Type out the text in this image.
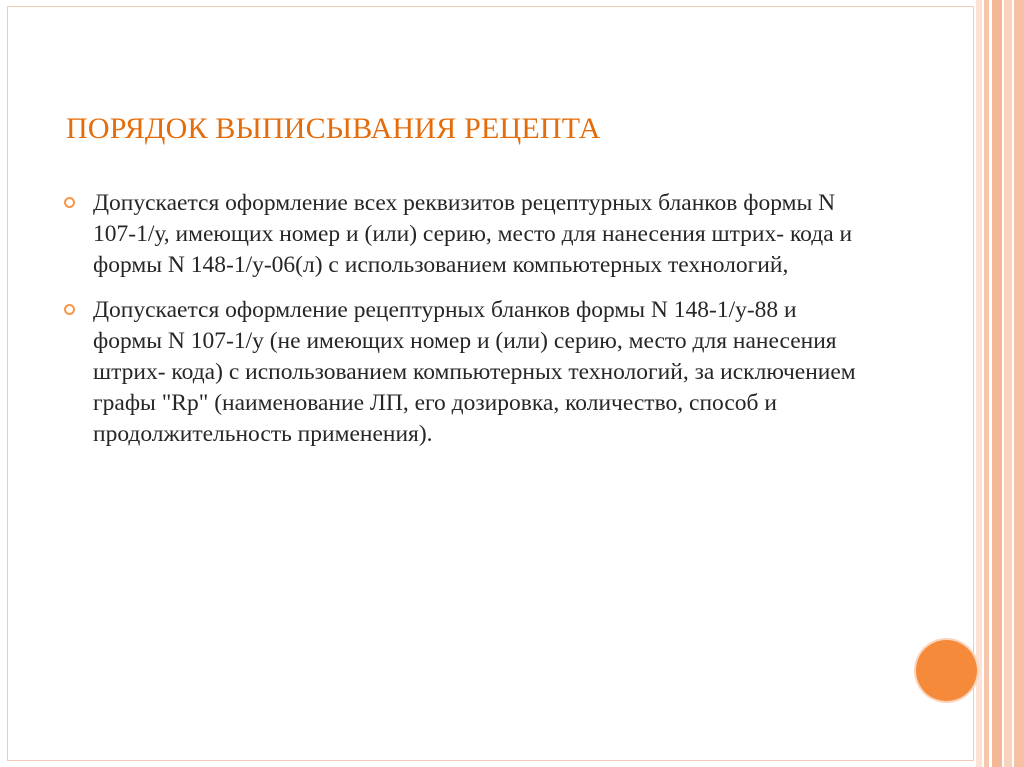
ПОРЯДОК ВЫПИСЫВАНИЯ РЕЦЕПТА
Допускается оформление всех реквизитов рецептурных бланков формы N 107-1/у, имеющих номер и (или) серию, место для нанесения штрих- кода и формы N 148-1/у-06(л) с использованием компьютерных технологий,
Допускается оформление рецептурных бланков формы N 148-1/у-88 и формы N 107-1/у (не имеющих номер и (или) серию, место для нанесения штрих- кода) с использованием компьютерных технологий, за исключением графы "Rp" (наименование ЛП, его дозировка, количество, способ и продолжительность применения).
